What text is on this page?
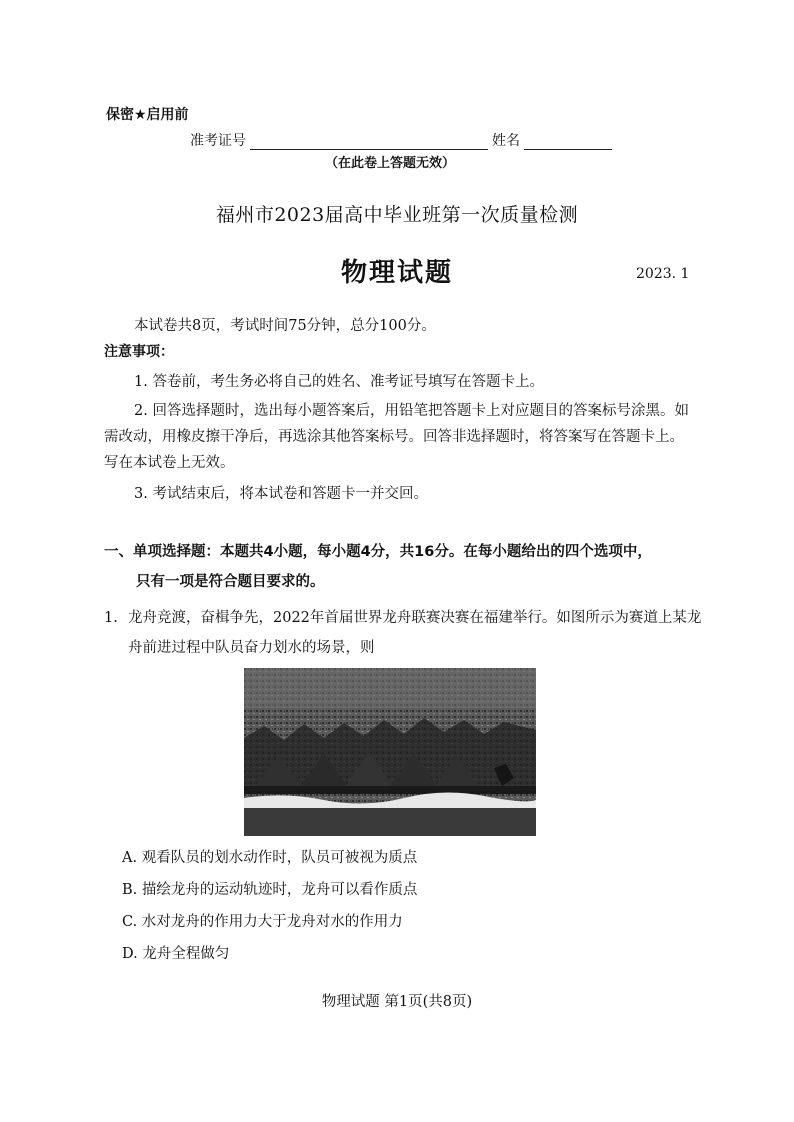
保密★启用前
准考证号	姓名
（在此卷上答题无效）
福州市2023届高中毕业班第一次质量检测
物理试题	2023. 1
本试卷共8页，考试时间75分钟，总分100分。
注意事项：
1. 答卷前，考生务必将自己的姓名、准考证号填写在答题卡上。
2. 回答选择题时，选出每小题答案后，用铅笔把答题卡上对应题目的答案标号涂黑。如需改动，用橡皮擦干净后，再选涂其他答案标号。回答非选择题时，将答案写在答题卡上。写在本试卷上无效。
3. 考试结束后，将本试卷和答题卡一并交回。
一、单项选择题：本题共4小题，每小题4分，共16分。在每小题给出的四个选项中，
只有一项是符合题目要求的。
1. 龙舟竞渡，奋楫争先，2022年首届世界龙舟联赛决赛在福建举行。如图所示为赛道上某龙舟前进过程中队员奋力划水的场景，则
A. 观看队员的划水动作时，队员可被视为质点
B. 描绘龙舟的运动轨迹时，龙舟可以看作质点
C. 水对龙舟的作用力大于龙舟对水的作用力
D. 龙舟全程做匀
物理试题 第1页(共8页)
